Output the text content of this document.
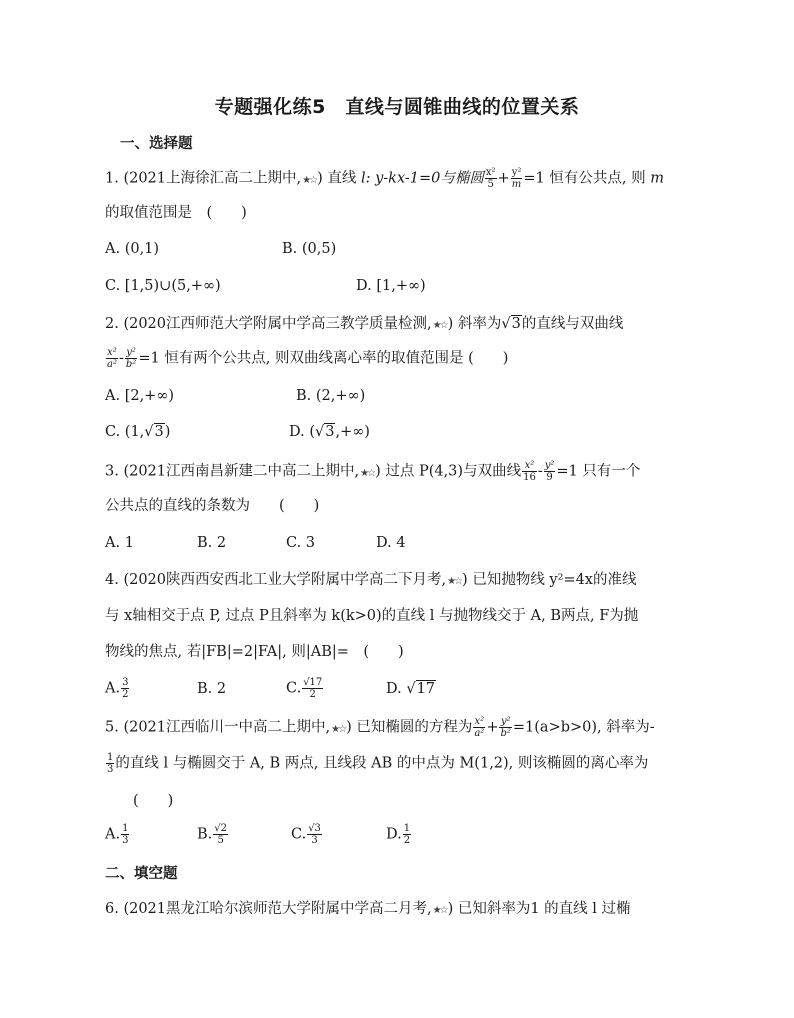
专题强化练5　直线与圆锥曲线的位置关系
一、选择题
1. (2021上海徐汇高二上期中,★☆) 直线 l: y-kx-1=0与椭圆 $\frac{\text{x²}}{5} + \frac{\text{y²}}{m} =1$ 恒有公共点, 则 m
的取值范围是　(　　)
A. (0,1)	B. (0,5)
C. [1,5)∪(5,+∞)	D. [1,+∞)
2. (2020江西师范大学附属中学高三教学质量检测,★☆) 斜率为√3的直线与双曲线
$\frac{\text{x²}}{\text{a²}} - \frac{\text{y²}}{\text{b²}} =1$ 恒有两个公共点, 则双曲线离心率的取值范围是 (　　)
A. [2,+∞)	B. (2,+∞)
C. (1,√3)	D. (√3,+∞)
3. (2021江西南昌新建二中高二上期中,★☆) 过点 P(4,3)与双曲线 $\frac{\text{x²}}{16} - \frac{\text{y²}}{9} =1$ 只有一个
公共点的直线的条数为　　(　　)
A. 1	B. 2	C. 3	D. 4
4. (2020陕西西安西北工业大学附属中学高二下月考,★☆) 已知抛物线 y²=4x的准线
与 x轴相交于点 P, 过点 P且斜率为 k(k>0)的直线 l 与抛物线交于 A, B两点, F为抛
物线的焦点, 若|FB|=2|FA|, 则|AB|=　(　　)
A. $\frac{3}{2}$	B. 2	C. $\frac{√17}{2}$	D. √17
5. (2021江西临川一中高二上期中,★☆) 已知椭圆的方程为 $\frac{\text{x²}}{\text{a²}} + \frac{\text{y²}}{\text{b²}} =1(a>b>0)$, 斜率为-
$\frac{1}{3}$ 的直线 l 与椭圆交于 A, B 两点, 且线段 AB 的中点为 M(1,2), 则该椭圆的离心率为
(　　)
A. $\frac{1}{3}$	B. $\frac{√2}{5}$	C. $\frac{√3}{3}$	D. $\frac{1}{2}$
二、填空题
6. (2021黑龙江哈尔滨师范大学附属中学高二月考,★☆) 已知斜率为1 的直线 l 过椭
